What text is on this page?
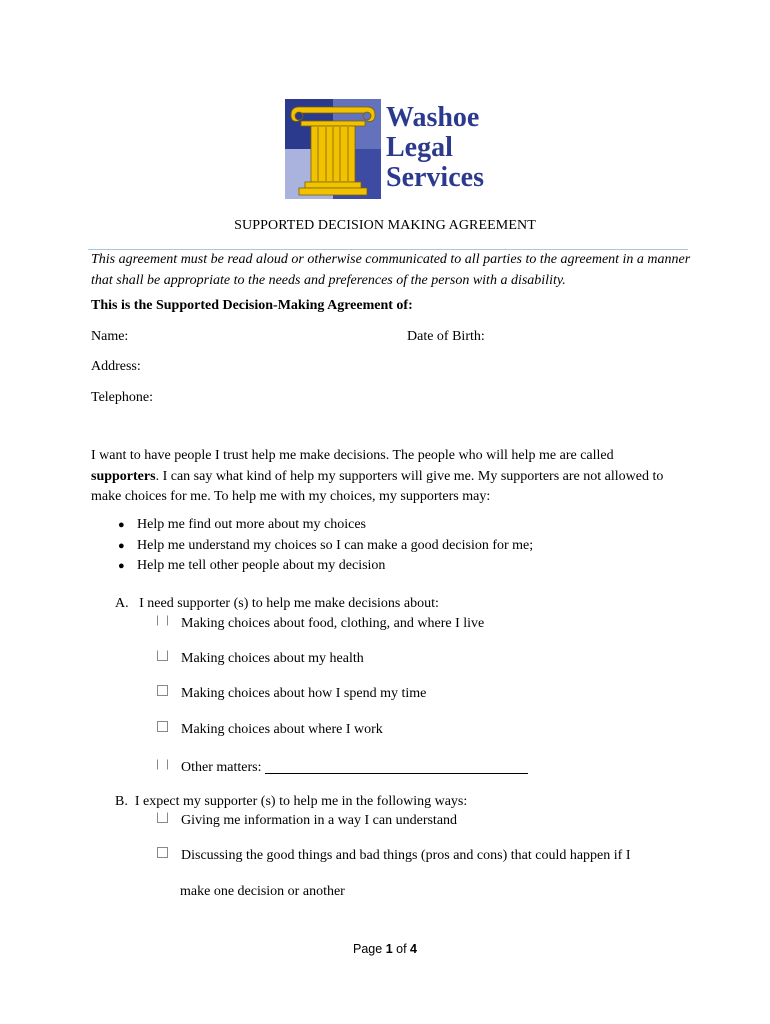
Washoe
Legal
Services
SUPPORTED DECISION MAKING AGREEMENT
This agreement must be read aloud or otherwise communicated to all parties to the agreement in a manner that shall be appropriate to the needs and preferences of the person with a disability.
This is the Supported Decision-Making Agreement of:
Name:	Date of Birth:
Address:
Telephone:
I want to have people I trust help me make decisions. The people who will help me are called supporters. I can say what kind of help my supporters will give me. My supporters are not allowed to make choices for me. To help me with my choices, my supporters may:
● Help me find out more about my choices
● Help me understand my choices so I can make a good decision for me;
● Help me tell other people about my decision
A. I need supporter (s) to help me make decisions about:
Making choices about food, clothing, and where I live
Making choices about my health
Making choices about how I spend my time
Making choices about where I work
Other matters:
B. I expect my supporter (s) to help me in the following ways:
Giving me information in a way I can understand
Discussing the good things and bad things (pros and cons) that could happen if I
make one decision or another
Page 1 of 4
